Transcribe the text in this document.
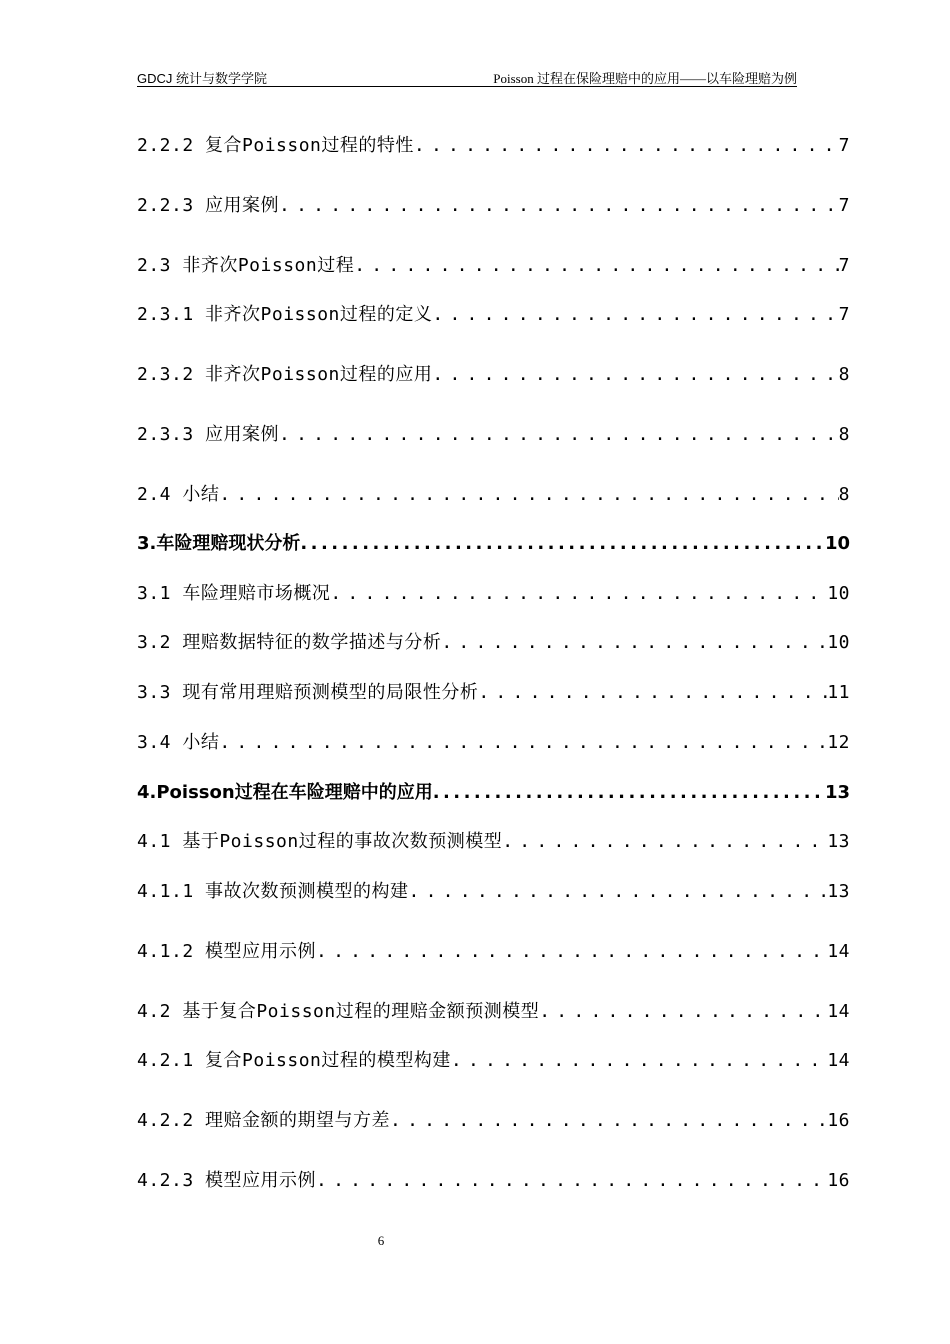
GDCJ 统计与数学学院	Poisson 过程在保险理赔中的应用——以车险理赔为例
2.2.2 复合Poisson过程的特性 . . .	7
2.2.3 应用案例 . . .	7
2.3 非齐次Poisson过程 . . .	7
2.3.1 非齐次Poisson过程的定义 . . .	7
2.3.2 非齐次Poisson过程的应用 . . .	8
2.3.3 应用案例 . . .	8
2.4 小结 . . .	8
3.车险理赔现状分析 . . .	10
3.1 车险理赔市场概况 . . .	10
3.2 理赔数据特征的数学描述与分析 . . .	10
3.3 现有常用理赔预测模型的局限性分析 . . .	11
3.4 小结 . . .	12
4.Poisson过程在车险理赔中的应用 . . .	13
4.1 基于Poisson过程的事故次数预测模型 . . .	13
4.1.1 事故次数预测模型的构建 . . .	13
4.1.2 模型应用示例 . . .	14
4.2 基于复合Poisson过程的理赔金额预测模型 . . .	14
4.2.1 复合Poisson过程的模型构建 . . .	14
4.2.2 理赔金额的期望与方差 . . .	16
4.2.3 模型应用示例 . . .	16
6
